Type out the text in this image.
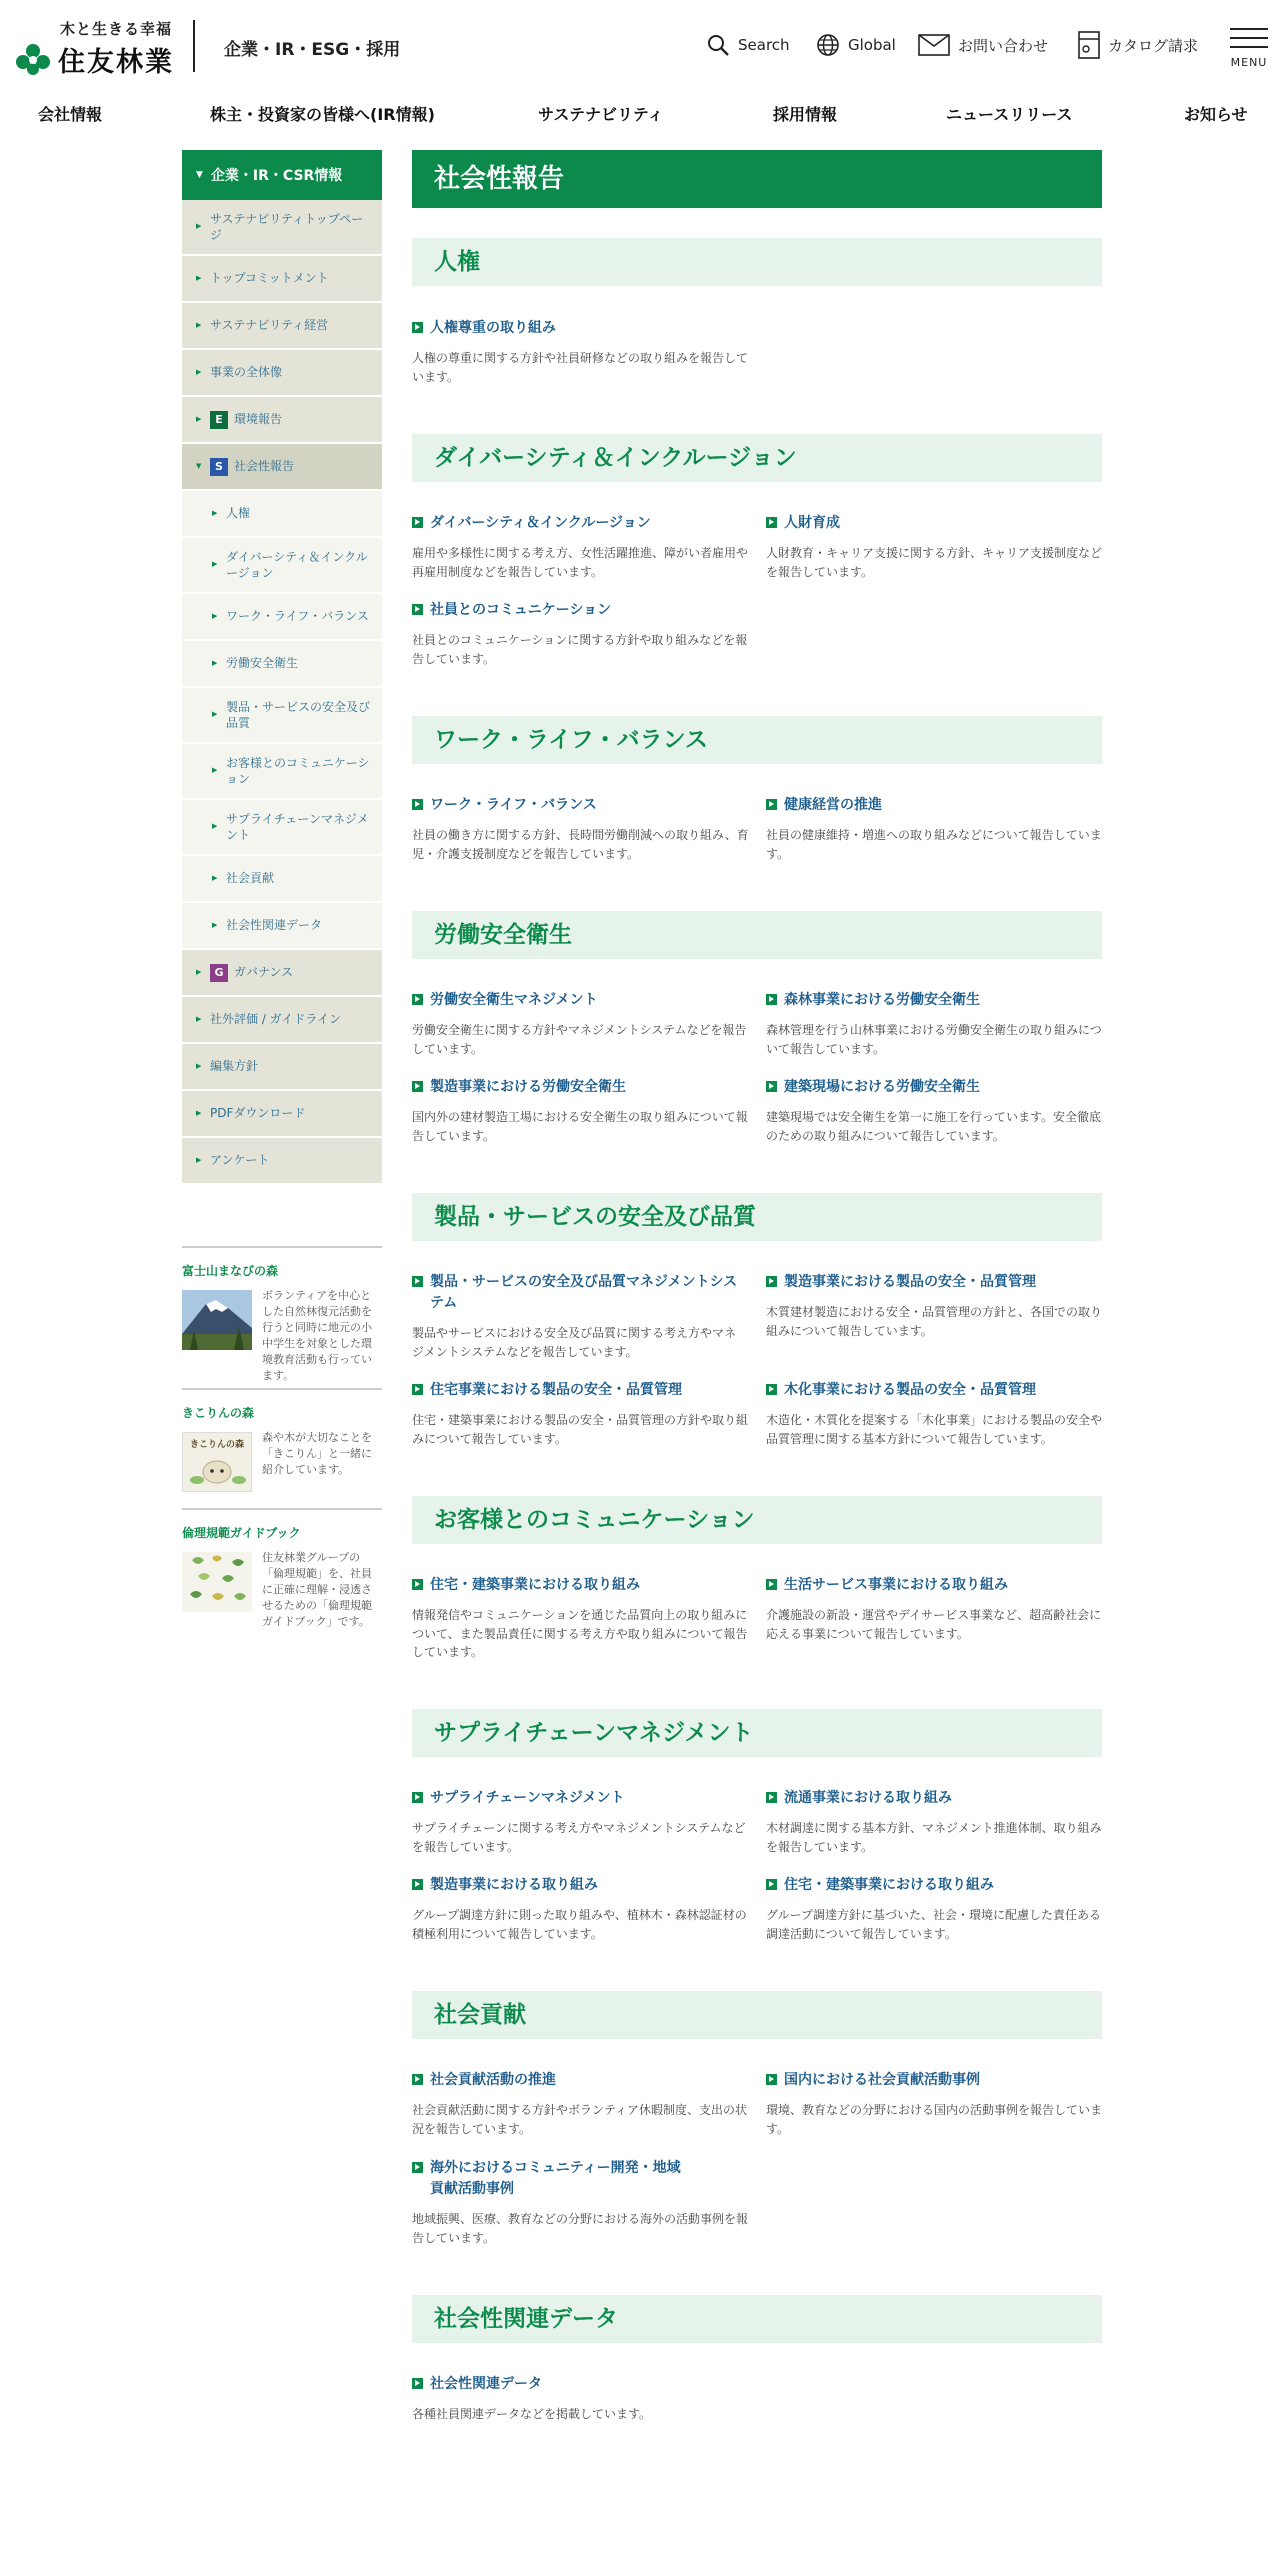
木と生きる幸福
住友林業	企業・IR・ESG・採用	Search	Global	お問い合わせ	カタログ請求
MENU
会社情報	株主・投資家の皆様へ(IR情報)	サステナビリティ	採用情報	ニュースリリース	お知らせ
▼ 企業・IR・CSR情報
▶
サステナビリティトップページ
▶ トップコミットメント
▶ サステナビリティ経営
▶ 事業の全体像
▶	E 環境報告
▼	S 社会性報告
▶ 人権
▶
ダイバーシティ＆インクルージョン
▶ ワーク・ライフ・バランス
▶ 労働安全衛生
▶
製品・サービスの安全及び品質
▶
お客様とのコミュニケーション
▶
サプライチェーンマネジメント
▶ 社会貢献
▶ 社会性関連データ
▶	G ガバナンス
▶ 社外評価 / ガイドライン
▶ 編集方針
▶ PDFダウンロード
▶ アンケート
富士山まなびの森
ボランティアを中心とした自然林復元活動を行うと同時に地元の小中学生を対象とした環境教育活動も行っています。
きこりんの森
きこりんの森
森や木が大切なことを「きこりん」と一緒に紹介しています。
倫理規範ガイドブック
住友林業グループの「倫理規範」を、社員に正確に理解・浸透させるための「倫理規範ガイドブック」です。
社会性報告
人権
人権尊重の取り組み
人権の尊重に関する方針や社員研修などの取り組みを報告しています。
ダイバーシティ＆インクルージョン
ダイバーシティ＆インクルージョン
雇用や多様性に関する考え方、女性活躍推進、障がい者雇用や再雇用制度などを報告しています。
人財育成
人財教育・キャリア支援に関する方針、キャリア支援制度などを報告しています。
社員とのコミュニケーション
社員とのコミュニケーションに関する方針や取り組みなどを報告しています。
ワーク・ライフ・バランス
ワーク・ライフ・バランス
社員の働き方に関する方針、長時間労働削減への取り組み、育児・介護支援制度などを報告しています。
健康経営の推進
社員の健康維持・増進への取り組みなどについて報告しています。
労働安全衛生
労働安全衛生マネジメント
労働安全衛生に関する方針やマネジメントシステムなどを報告しています。
森林事業における労働安全衛生
森林管理を行う山林事業における労働安全衛生の取り組みについて報告しています。
製造事業における労働安全衛生
国内外の建材製造工場における安全衛生の取り組みについて報告しています。
建築現場における労働安全衛生
建築現場では安全衛生を第一に施工を行っています。安全徹底のための取り組みについて報告しています。
製品・サービスの安全及び品質
製品・サービスの安全及び品質マネジメントシステム
製品やサービスにおける安全及び品質に関する考え方やマネジメントシステムなどを報告しています。
製造事業における製品の安全・品質管理
木質建材製造における安全・品質管理の方針と、各国での取り組みについて報告しています。
住宅事業における製品の安全・品質管理
住宅・建築事業における製品の安全・品質管理の方針や取り組みについて報告しています。
木化事業における製品の安全・品質管理
木造化・木質化を提案する「木化事業」における製品の安全や品質管理に関する基本方針について報告しています。
お客様とのコミュニケーション
住宅・建築事業における取り組み
情報発信やコミュニケーションを通じた品質向上の取り組みについて、また製品責任に関する考え方や取り組みについて報告しています。
生活サービス事業における取り組み
介護施設の新設・運営やデイサービス事業など、超高齢社会に応える事業について報告しています。
サプライチェーンマネジメント
サプライチェーンマネジメント
サプライチェーンに関する考え方やマネジメントシステムなどを報告しています。
流通事業における取り組み
木材調達に関する基本方針、マネジメント推進体制、取り組みを報告しています。
製造事業における取り組み
グループ調達方針に則った取り組みや、植林木・森林認証材の積極利用について報告しています。
住宅・建築事業における取り組み
グループ調達方針に基づいた、社会・環境に配慮した責任ある調達活動について報告しています。
社会貢献
社会貢献活動の推進
社会貢献活動に関する方針やボランティア休暇制度、支出の状況を報告しています。
国内における社会貢献活動事例
環境、教育などの分野における国内の活動事例を報告しています。
海外におけるコミュニティー開発・地域貢献活動事例
地域振興、医療、教育などの分野における海外の活動事例を報告しています。
社会性関連データ
社会性関連データ
各種社員関連データなどを掲載しています。
